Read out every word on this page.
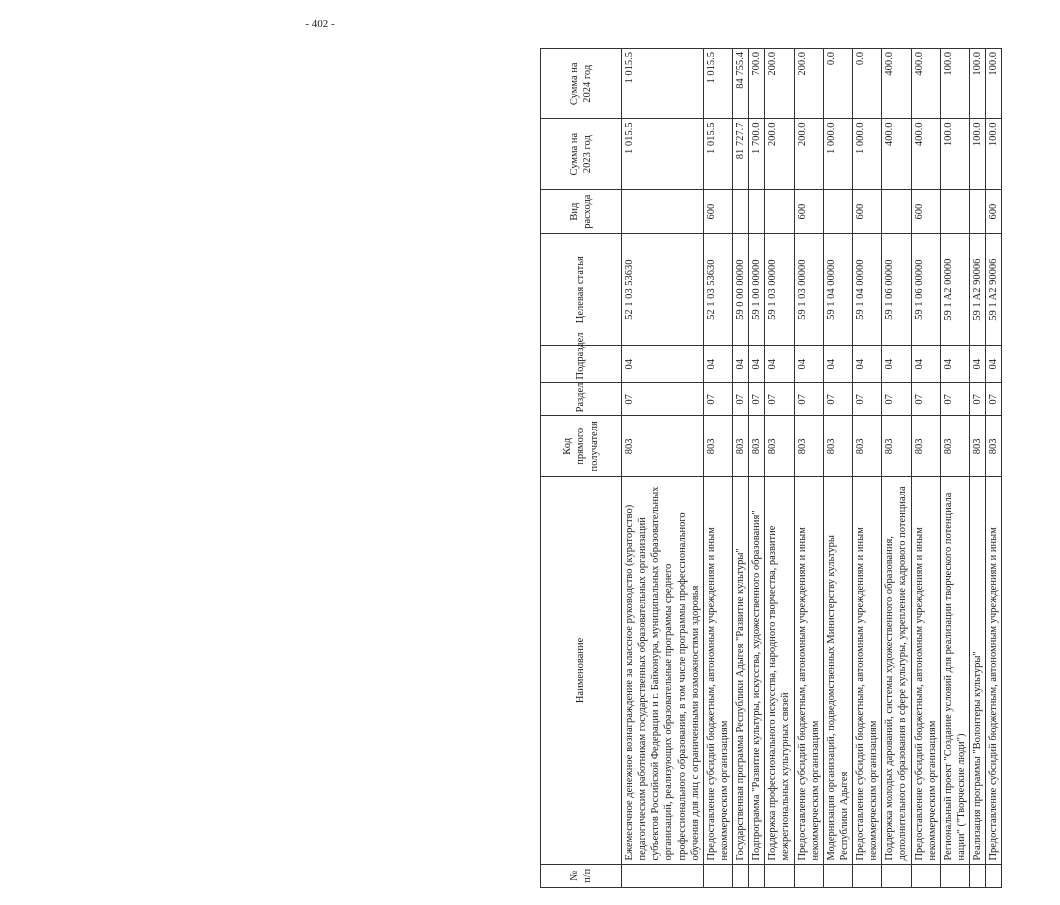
- 402 -
№ п/п	Наименование	Код прямого получателя	Раздел	Подраздел	Целевая статья	Вид расхода	Сумма на 2023 год	Сумма на 2024 год
	Ежемесячное денежное вознаграждение за классное руководство (кураторство) педагогическим работникам государственных образовательных организаций субъектов Российской Федерации и г. Байконура, муниципальных образовательных организаций, реализующих образовательные программы среднего профессионального образования, в том числе программы профессионального обучения для лиц с ограниченными возможностями здоровья	803	07	04	52 1 03 53630		1 015.5	1 015.5
	Предоставление субсидий бюджетным, автономным учреждениям и иным некоммерческим организациям	803	07	04	52 1 03 53630	600	1 015.5	1 015.5
	Государственная программа Республики Адыгея "Развитие культуры"	803	07	04	59 0 00 00000		81 727.7	84 755.4
	Подпрограмма "Развитие культуры, искусства, художественного образования"	803	07	04	59 1 00 00000		1 700.0	700.0
	Поддержка профессионального искусства, народного творчества, развитие межрегиональных культурных связей	803	07	04	59 1 03 00000		200.0	200.0
	Предоставление субсидий бюджетным, автономным учреждениям и иным некоммерческим организациям	803	07	04	59 1 03 00000	600	200.0	200.0
	Модернизация организаций, подведомственных Министерству культуры Республики Адыгея	803	07	04	59 1 04 00000		1 000.0	0.0
	Предоставление субсидий бюджетным, автономным учреждениям и иным некоммерческим организациям	803	07	04	59 1 04 00000	600	1 000.0	0.0
	Поддержка молодых дарований, системы художественного образования, дополнительного образования в сфере культуры, укрепление кадрового потенциала	803	07	04	59 1 06 00000		400.0	400.0
	Предоставление субсидий бюджетным, автономным учреждениям и иным некоммерческим организациям	803	07	04	59 1 06 00000	600	400.0	400.0
	Региональный проект "Создание условий для реализации творческого потенциала нации" ("Творческие люди")	803	07	04	59 1 A2 00000		100.0	100.0
	Реализация программы "Волонтеры культуры"	803	07	04	59 1 A2 90006		100.0	100.0
	Предоставление субсидий бюджетным, автономным учреждениям и иным	803	07	04	59 1 A2 90006	600	100.0	100.0
